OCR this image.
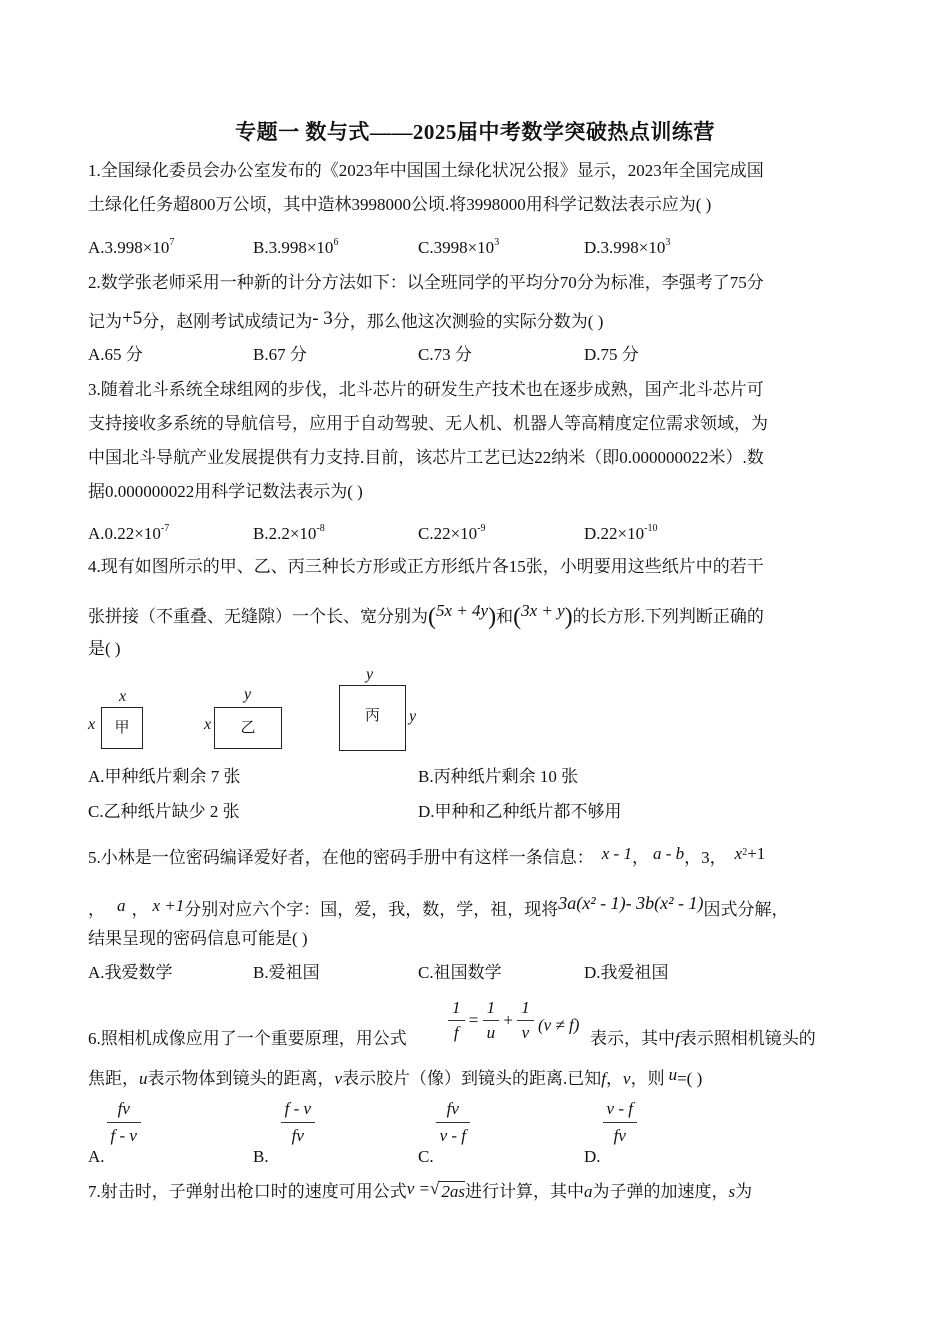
专题一 数与式——2025届中考数学突破热点训练营
1.全国绿化委员会办公室发布的《2023年中国国土绿化状况公报》显示，2023年全国完成国
土绿化任务超800万公顷，其中造林3998000公顷.将3998000用科学记数法表示应为( )
$A.3.998\times 10^7$	$B.3.998\times 10^6$	$C.3998\times 10^3$	$D.3.998\times 10^3$
2.数学张老师采用一种新的计分方法如下：以全班同学的平均分70分为标准，李强考了75分
记为+5分，赵刚考试成绩记为- 3分，那么他这次测验的实际分数为( )
A.65 分	B.67 分	C.73 分	D.75 分
3.随着北斗系统全球组网的步伐，北斗芯片的研发生产技术也在逐步成熟，国产北斗芯片可
支持接收多系统的导航信号，应用于自动驾驶、无人机、机器人等高精度定位需求领域，为
中国北斗导航产业发展提供有力支持.目前，该芯片工艺已达22纳米（即0.000000022米）.数
据0.000000022用科学记数法表示为( )
$A.0.22\times 10^{-7}$	$B.2.2\times 10^{-8}$	$C.22\times 10^{-9}$	$D.22\times 10^{-10}$
4.现有如图所示的甲、乙、丙三种长方形或正方形纸片各15张，小明要用这些纸片中的若干
张拼接（不重叠、无缝隙）一个长、宽分别为(5x + 4y)和(3x + y)的长方形.下列判断正确的
是( )
x
x	甲
y
x	乙
y
y
丙
A.甲种纸片剩余 7 张	B.丙种纸片剩余 10 张
C.乙种纸片缺少 2 张	D.甲种和乙种纸片都不够用
5.小林是一位密码编译爱好者，在他的密码手册中有这样一条信息： x - 1， a - b，3， $x^2+1$
， a ， x +1分别对应六个字：国，爱，我，数，学，祖，现将3a(x² - 1)- 3b(x² - 1)因式分解，
结果呈现的密码信息可能是( )
A.我爱数学	B.爱祖国	C.祖国数学	D.我爱祖国
6.照相机成像应用了一个重要原理，用公式 $\frac{1}{f} = \frac{1}{u} + \frac{1}{v} (v \ne f)$
表示，其中f表示照相机镜头的
焦距，u表示物体到镜头的距离，v表示胶片（像）到镜头的距离.已知f，v，则 u=( )
A.
$\frac{fv}{f - v}$
B.
$\frac{f - v}{fv}$
C.
$\frac{fv}{v - f}$
D.
$\frac{v - f}{fv}$
7.射击时，子弹射出枪口时的速度可用公式v =√ 2as进行计算，其中a为子弹的加速度，s为
